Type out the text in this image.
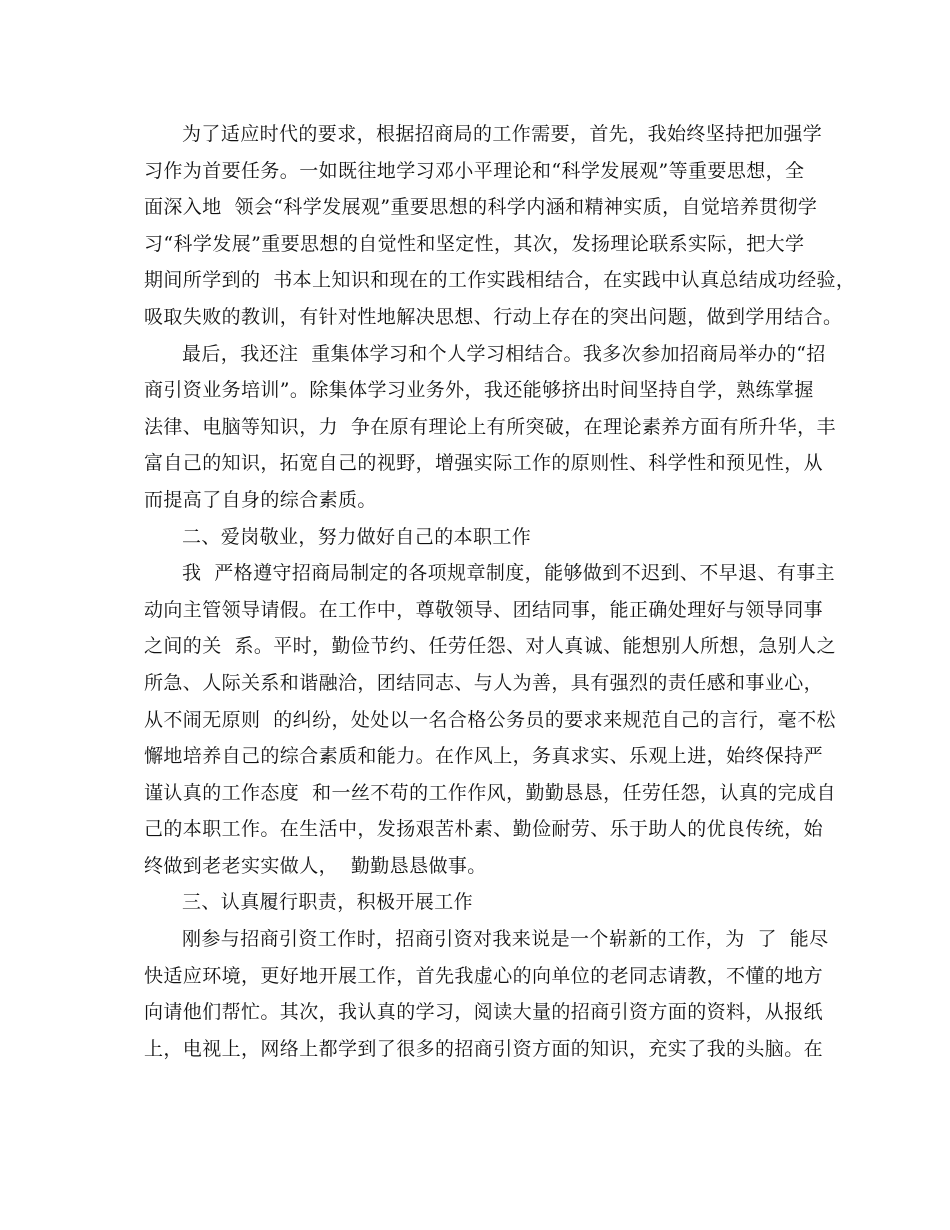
为了适应时代的要求，根据招商局的工作需要，首先，我始终坚持把加强学
习作为首要任务。一如既往地学习邓小平理论和“科学发展观”等重要思想，全
面深入地  领会“科学发展观”重要思想的科学内涵和精神实质，自觉培养贯彻学
习“科学发展”重要思想的自觉性和坚定性，其次，发扬理论联系实际，把大学
期间所学到的  书本上知识和现在的工作实践相结合，在实践中认真总结成功经验，
吸取失败的教训，有针对性地解决思想、行动上存在的突出问题，做到学用结合。
最后，我还注  重集体学习和个人学习相结合。我多次参加招商局举办的“招
商引资业务培训”。除集体学习业务外，我还能够挤出时间坚持自学，熟练掌握
法律、电脑等知识，力  争在原有理论上有所突破，在理论素养方面有所升华，丰
富自己的知识，拓宽自己的视野，增强实际工作的原则性、科学性和预见性，从
而提高了自身的综合素质。
二、爱岗敬业，努力做好自己的本职工作
我  严格遵守招商局制定的各项规章制度，能够做到不迟到、不早退、有事主
动向主管领导请假。在工作中，尊敬领导、团结同事，能正确处理好与领导同事
之间的关  系。平时，勤俭节约、任劳任怨、对人真诚、能想别人所想，急别人之
所急、人际关系和谐融洽，团结同志、与人为善，具有强烈的责任感和事业心，
从不闹无原则  的纠纷，处处以一名合格公务员的要求来规范自己的言行，毫不松
懈地培养自己的综合素质和能力。在作风上，务真求实、乐观上进，始终保持严
谨认真的工作态度  和一丝不苟的工作作风，勤勤恳恳，任劳任怨，认真的完成自
己的本职工作。在生活中，发扬艰苦朴素、勤俭耐劳、乐于助人的优良传统，始
终做到老老实实做人，  勤勤恳恳做事。
三、认真履行职责，积极开展工作
刚参与招商引资工作时，招商引资对我来说是一个崭新的工作，为  了  能尽
快适应环境，更好地开展工作，首先我虚心的向单位的老同志请教，不懂的地方
向请他们帮忙。其次，我认真的学习，阅读大量的招商引资方面的资料，从报纸
上，电视上，网络上都学到了很多的招商引资方面的知识，充实了我的头脑。在
